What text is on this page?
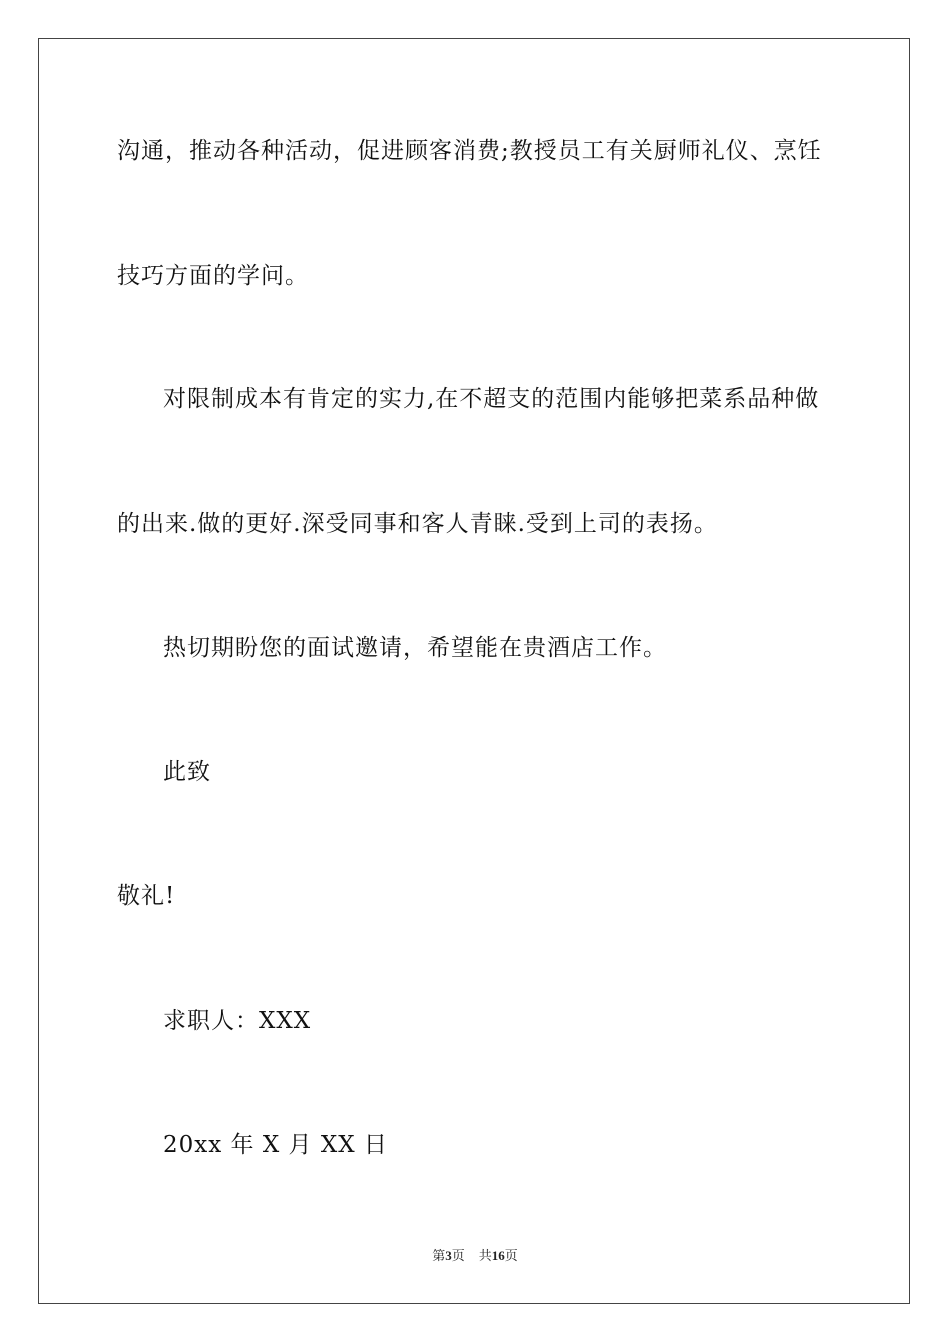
沟通，推动各种活动，促进顾客消费;教授员工有关厨师礼仪、烹饪
技巧方面的学问。
对限制成本有肯定的实力,在不超支的范围内能够把菜系品种做
的出来.做的更好.深受同事和客人青睐.受到上司的表扬。
热切期盼您的面试邀请，希望能在贵酒店工作。
此致
敬礼!
求职人：XXX
20xx 年 X 月 XX 日
第3页 共16页
